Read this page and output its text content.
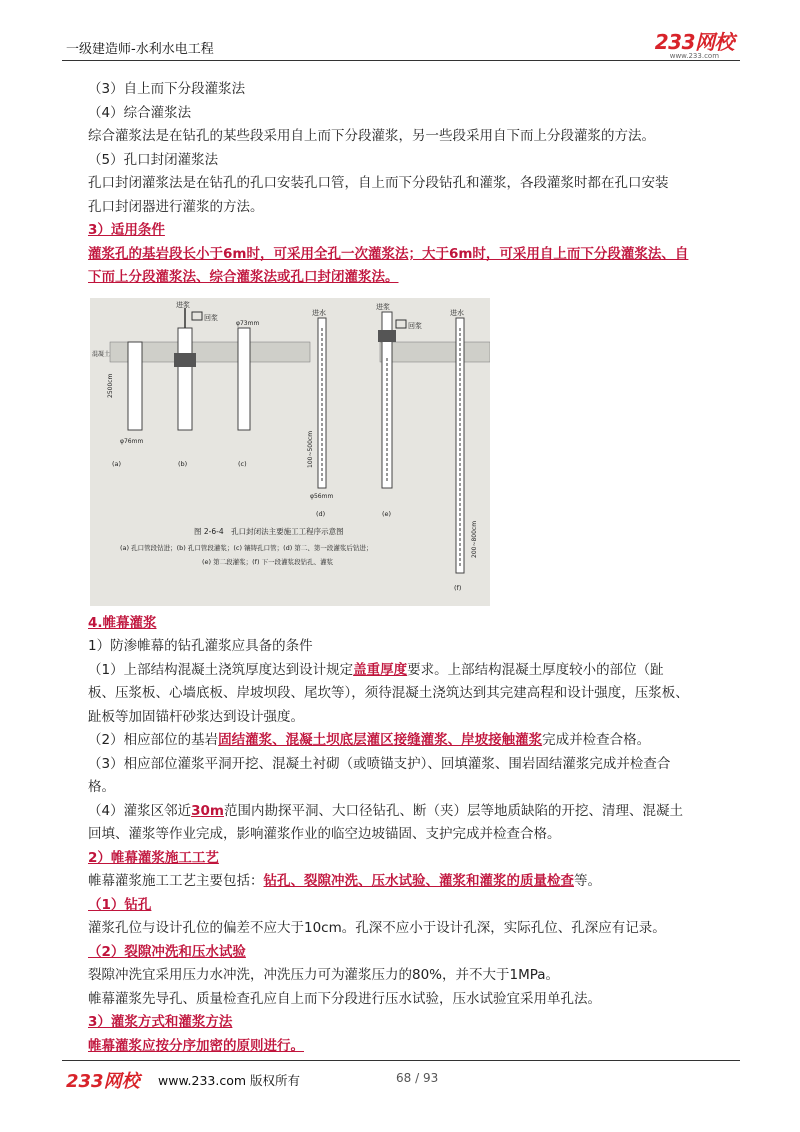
一级建造师-水利水电工程	233网校
www.233.com

（3）自上而下分段灌浆法

（4）综合灌浆法

综合灌浆法是在钻孔的某些段采用自上而下分段灌浆，另一些段采用自下而上分段灌浆的方法。

（5）孔口封闭灌浆法

孔口封闭灌浆法是在钻孔的孔口安装孔口管，自上而下分段钻孔和灌浆，各段灌浆时都在孔口安装

孔口封闭器进行灌浆的方法。

3）适用条件

灌浆孔的基岩段长小于6m时，可采用全孔一次灌浆法；大于6m时，可采用自上而下分段灌浆法、自

下而上分段灌浆法、综合灌浆法或孔口封闭灌浆法。

进浆
回浆
进水
进浆
回浆
进水
混凝土
φ76mm
φ73mm
φ56mm
2500cm
100~500cm
200~800cm
(a)	(b)	(c)
(d)	(e)
(f)
图 2-6-4　孔口封闭法主要施工工程序示意图
(a) 孔口管段钻进；(b) 孔口管段灌浆；(c) 镶铸孔口管；(d) 第二、第一段灌浆后钻进；
(e) 第二段灌浆；(f) 下一段灌浆段钻孔、灌浆

4.帷幕灌浆

1）防渗帷幕的钻孔灌浆应具备的条件

（1）上部结构混凝土浇筑厚度达到设计规定盖重厚度要求。上部结构混凝土厚度较小的部位（趾

板、压浆板、心墙底板、岸坡坝段、尾坎等），须待混凝土浇筑达到其完建高程和设计强度，压浆板、

趾板等加固锚杆砂浆达到设计强度。

（2）相应部位的基岩固结灌浆、混凝土坝底层灌区接缝灌浆、岸坡接触灌浆完成并检查合格。

（3）相应部位灌浆平洞开挖、混凝土衬砌（或喷锚支护）、回填灌浆、围岩固结灌浆完成并检查合

格。

（4）灌浆区邻近30m范围内勘探平洞、大口径钻孔、断（夹）层等地质缺陷的开挖、清理、混凝土

回填、灌浆等作业完成，影响灌浆作业的临空边坡锚固、支护完成并检查合格。

2）帷幕灌浆施工工艺

帷幕灌浆施工工艺主要包括：钻孔、裂隙冲洗、压水试验、灌浆和灌浆的质量检查等。

（1）钻孔

灌浆孔位与设计孔位的偏差不应大于10cm。孔深不应小于设计孔深，实际孔位、孔深应有记录。

（2）裂隙冲洗和压水试验

裂隙冲洗宜采用压力水冲洗，冲洗压力可为灌浆压力的80%，并不大于1MPa。

帷幕灌浆先导孔、质量检查孔应自上而下分段进行压水试验，压水试验宜采用单孔法。

3）灌浆方式和灌浆方法

帷幕灌浆应按分序加密的原则进行。

233网校 www.233.com 版权所有	68 / 93
